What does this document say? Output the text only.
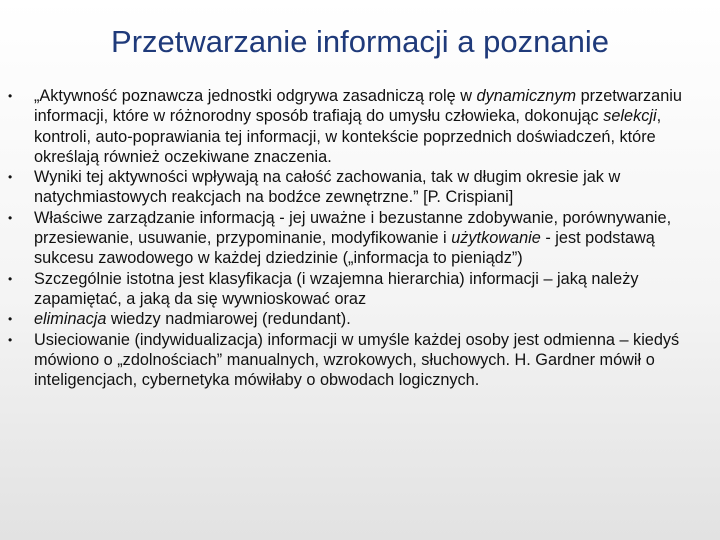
Przetwarzanie informacji a poznanie
•	„Aktywność poznawcza jednostki odgrywa zasadniczą rolę w dynamicznym przetwarzaniu informacji, które w różnorodny sposób trafiają do umysłu człowieka, dokonując selekcji, kontroli, auto-poprawiania tej informacji, w kontekście poprzednich doświadczeń, które określają również oczekiwane znaczenia.
•	Wyniki tej aktywności wpływają na całość zachowania, tak w długim okresie jak w natychmiastowych reakcjach na bodźce zewnętrzne.” [P. Crispiani]
•	Właściwe zarządzanie informacją - jej uważne i bezustanne zdobywanie, porównywanie, przesiewanie, usuwanie, przypominanie, modyfikowanie i użytkowanie - jest podstawą sukcesu zawodowego w każdej dziedzinie („informacja to pieniądz”)
•	Szczególnie istotna jest klasyfikacja (i wzajemna hierarchia) informacji – jaką należy zapamiętać, a jaką da się wywnioskować oraz
•	eliminacja wiedzy nadmiarowej (redundant).
•	Usieciowanie (indywidualizacja) informacji w umyśle każdej osoby jest odmienna – kiedyś mówiono o „zdolnościach” manualnych, wzrokowych, słuchowych. H. Gardner mówił o inteligencjach, cybernetyka mówiłaby o obwodach logicznych.
